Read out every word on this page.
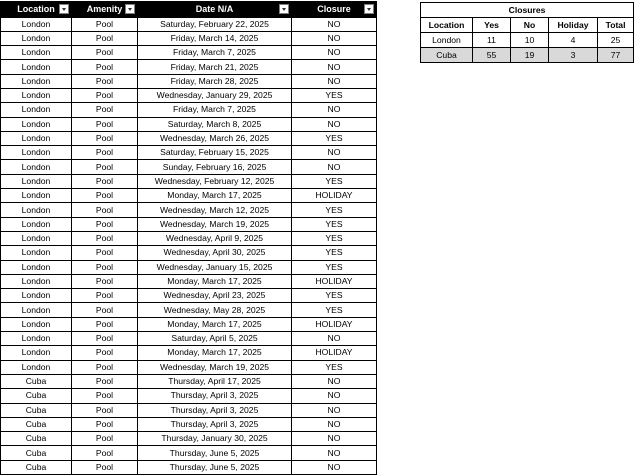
Location	Amenity	Date N/A	Closure

London	Pool	Saturday, February 22, 2025	NO
London	Pool	Friday, March 14, 2025	NO
London	Pool	Friday, March 7, 2025	NO
London	Pool	Friday, March 21, 2025	NO
London	Pool	Friday, March 28, 2025	NO
London	Pool	Wednesday, January 29, 2025	YES
London	Pool	Friday, March 7, 2025	NO
London	Pool	Saturday, March 8, 2025	NO
London	Pool	Wednesday, March 26, 2025	YES
London	Pool	Saturday, February 15, 2025	NO
London	Pool	Sunday, February 16, 2025	NO
London	Pool	Wednesday, February 12, 2025	YES
London	Pool	Monday, March 17, 2025	HOLIDAY
London	Pool	Wednesday, March 12, 2025	YES
London	Pool	Wednesday, March 19, 2025	YES
London	Pool	Wednesday, April 9, 2025	YES
London	Pool	Wednesday, April 30, 2025	YES
London	Pool	Wednesday, January 15, 2025	YES
London	Pool	Monday, March 17, 2025	HOLIDAY
London	Pool	Wednesday, April 23, 2025	YES
London	Pool	Wednesday, May 28, 2025	YES
London	Pool	Monday, March 17, 2025	HOLIDAY
London	Pool	Saturday, April 5, 2025	NO
London	Pool	Monday, March 17, 2025	HOLIDAY
London	Pool	Wednesday, March 19, 2025	YES
Cuba	Pool	Thursday, April 17, 2025	NO
Cuba	Pool	Thursday, April 3, 2025	NO
Cuba	Pool	Thursday, April 3, 2025	NO
Cuba	Pool	Thursday, April 3, 2025	NO
Cuba	Pool	Thursday, January 30, 2025	NO
Cuba	Pool	Thursday, June 5, 2025	NO
Cuba	Pool	Thursday, June 5, 2025	NO
Closures				
Location	Yes	No	Holiday	Total
London	11	10	4	25
Cuba	55	19	3	77
